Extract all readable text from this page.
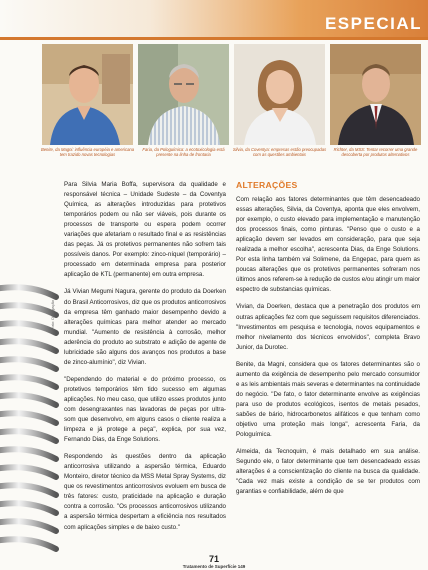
ESPECIAL
Benite, da Magni: influência européia e americana tem trazido novas tecnologias
Faria, da Pologuímica: a ecotoxicologia está presente na linha de frontaria
Silvia, da Coventya: empresas estão preocupadas com as questões ambientais
Richter, da MSS: Tentar recorrer uma grande descoberta por produtos alternativos
Foto: Divulgação

Para Silvia Maria Boffa, supervisora da qualidade e responsável técnica – Unidade Sudeste – da Coventya Química, as alterações introduzidas para protetivos temporários podem ou não ser viáveis, pois durante os processos de transporte ou espera podem ocorrer variações que afetariam o resultado final e as resistências das peças. Já os protetivos permanentes não sofrem tais possíveis danos. Por exemplo: zinco-níquel (temporário) – processado em determinada empresa para posterior aplicação de KTL (permanente) em outra empresa.

Já Vivian Megumi Nagura, gerente do produto da Doerken do Brasil Anticorrosivos, diz que os produtos anticorrosivos da empresa têm ganhado maior desempenho devido a alterações químicas para melhor atender ao mercado mundial. "Aumento de resistência à corrosão, melhor aderência do produto ao substrato e adição de agente de lubricidade são alguns dos avanços nos produtos a base de zinco-alumínio", diz Vivian.

"Dependendo do material e do próximo processo, os protetivos temporários têm tido sucesso em algumas aplicações. No meu caso, que utilizo esses produtos junto com desengraxantes nas lavadoras de peças por ultra-som que desenvolvo, em alguns casos o cliente realiza a limpeza e já protege a peça", explica, por sua vez, Fernando Dias, da Enge Solutions.

Respondendo às questões dentro da aplicação anticorrosiva utilizando a aspersão térmica, Eduardo Monteiro, diretor técnico da MSS Metal Spray Systems, diz que os revestimentos anticorrosivos evoluem em busca de três fatores: custo, praticidade na aplicação e duração contra a corrosão. "Os processos anticorrosivos utilizando a aspersão térmica despertam a eficiência nos resultados com aplicações simples e de baixo custo."

ALTERAÇÕES

Com relação aos fatores determinantes que têm desencadeado essas alterações, Silvia, da Coventya, aponta que eles envolvem, por exemplo, o custo elevado para implementação e manutenção dos processos finais, como pinturas. "Penso que o custo e a aplicação devem ser levados em consideração, para que seja realizada a melhor escolha", acrescenta Dias, da Enge Solutions. Por esta linha também vai Solimene, da Engepac, para quem as poucas alterações que os protetivos permanentes sofreram nos últimos anos referem-se à redução de custos e/ou atingir um maior espectro de substancias químicas.

Vivian, da Doerken, destaca que a penetração dos produtos em outras aplicações fez com que seguissem requisitos diferenciados. "Investimentos em pesquisa e tecnologia, novos equipamentos e melhor nivelamento dos técnicos envolvidos", completa Bravo Junior, da Durotec.

Benite, da Magni, considera que os fatores determinantes são o aumento da exigência de desempenho pelo mercado consumidor e as leis ambientais mais severas e determinantes na continuidade do negócio. "De fato, o fator determinante envolve as exigências para uso de produtos ecológicos, isentos de metais pesados, sabões de bário, hidrocarbonetos alifáticos e que tenham como objetivo uma proteção mais longa", acrescenta Faria, da Pologuímica.

Almeida, da Tecnoquim, é mais detalhado em sua análise. Segundo ele, o fator determinante que tem desencadeado essas alterações é a conscientização do cliente na busca da qualidade. "Cada vez mais existe a condição de se ter produtos com garantias e confiabilidade, além de que

71
Tratamento de Superfície 149
